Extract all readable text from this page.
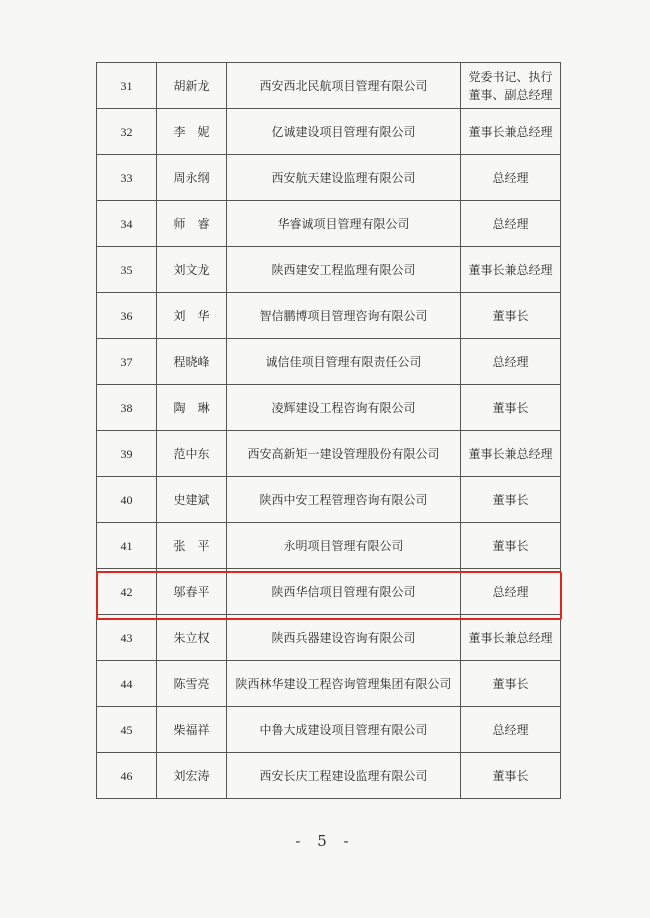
31	胡新龙	西安西北民航项目管理有限公司	党委书记、执行董事、副总经理
32	李　妮	亿诚建设项目管理有限公司	董事长兼总经理
33	周永纲	西安航天建设监理有限公司	总经理
34	师　睿	华睿诚项目管理有限公司	总经理
35	刘文龙	陕西建安工程监理有限公司	董事长兼总经理
36	刘　华	智信鹏博项目管理咨询有限公司	董事长
37	程晓峰	诚信佳项目管理有限责任公司	总经理
38	陶　琳	凌辉建设工程咨询有限公司	董事长
39	范中东	西安高新矩一建设管理股份有限公司	董事长兼总经理
40	史建斌	陕西中安工程管理咨询有限公司	董事长
41	张　平	永明项目管理有限公司	董事长
42	邬春平	陕西华信项目管理有限公司	总经理
43	朱立权	陕西兵器建设咨询有限公司	董事长兼总经理
44	陈雪亮	陕西林华建设工程咨询管理集团有限公司	董事长
45	柴福祥	中鲁大成建设项目管理有限公司	总经理
46	刘宏涛	西安长庆工程建设监理有限公司	董事长
- 5 -
